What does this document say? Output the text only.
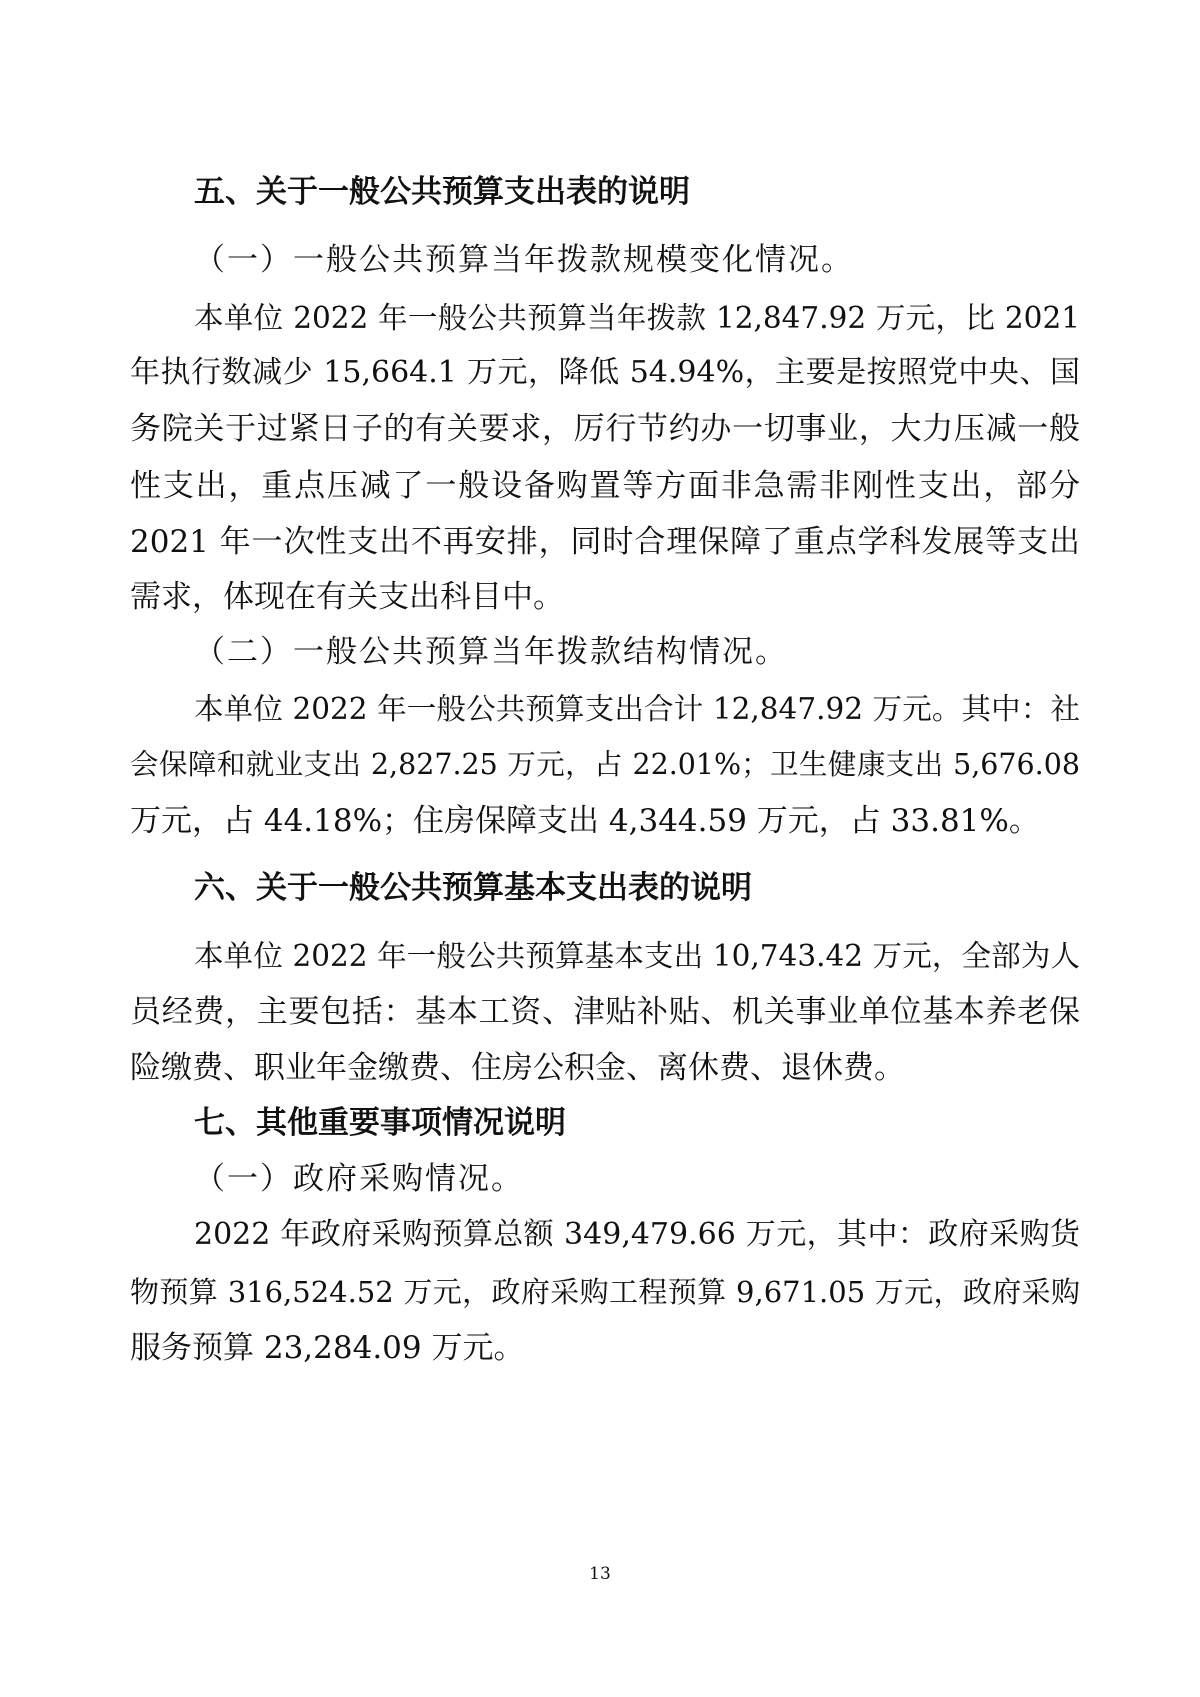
五、关于一般公共预算支出表的说明

（一）一般公共预算当年拨款规模变化情况。

本单位 2022 年一般公共预算当年拨款 12,847.92 万元，比 2021

年执行数减少 15,664.1 万元，降低 54.94%，主要是按照党中央、国

务院关于过紧日子的有关要求，厉行节约办一切事业，大力压减一般

性支出，重点压减了一般设备购置等方面非急需非刚性支出，部分

2021 年一次性支出不再安排，同时合理保障了重点学科发展等支出

需求，体现在有关支出科目中。

（二）一般公共预算当年拨款结构情况。

本单位 2022 年一般公共预算支出合计 12,847.92 万元。其中：社

会保障和就业支出 2,827.25 万元，占 22.01%；卫生健康支出 5,676.08

万元，占 44.18%；住房保障支出 4,344.59 万元，占 33.81%。

六、关于一般公共预算基本支出表的说明

本单位 2022 年一般公共预算基本支出 10,743.42 万元，全部为人

员经费，主要包括：基本工资、津贴补贴、机关事业单位基本养老保

险缴费、职业年金缴费、住房公积金、离休费、退休费。

七、其他重要事项情况说明

（一）政府采购情况。

2022 年政府采购预算总额 349,479.66 万元，其中：政府采购货

物预算 316,524.52 万元，政府采购工程预算 9,671.05 万元，政府采购

服务预算 23,284.09 万元。

13
